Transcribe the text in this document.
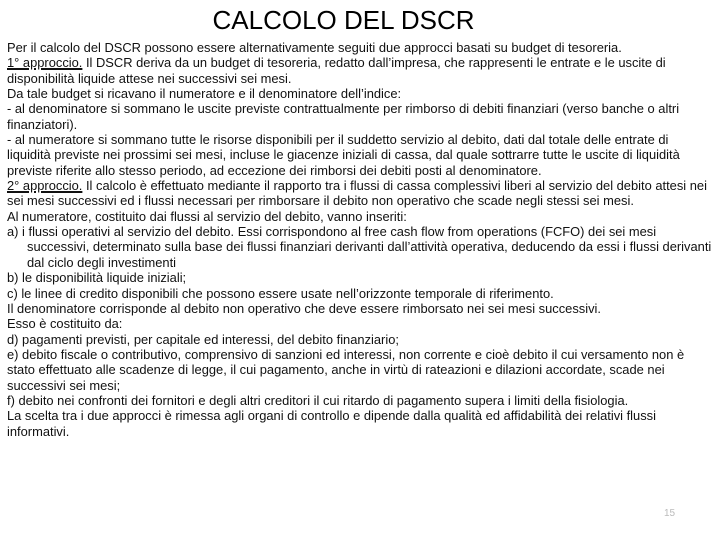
CALCOLO DEL DSCR

Per il calcolo del DSCR possono essere alternativamente seguiti due approcci basati su budget di tesoreria.

1° approccio. Il DSCR deriva da un budget di tesoreria, redatto dall’impresa, che rappresenti le entrate e le uscite di disponibilità liquide attese nei successivi sei mesi.

Da tale budget si ricavano il numeratore e il denominatore dell’indice:

- al denominatore si sommano le uscite previste contrattualmente per rimborso di debiti finanziari (verso banche o altri finanziatori).

- al numeratore si sommano tutte le risorse disponibili per il suddetto servizio al debito, dati dal totale delle entrate di liquidità previste nei prossimi sei mesi, incluse le giacenze iniziali di cassa, dal quale sottrarre tutte le uscite di liquidità previste riferite allo stesso periodo, ad eccezione dei rimborsi dei debiti posti al denominatore.

2° approccio. Il calcolo è effettuato mediante il rapporto tra i flussi di cassa complessivi liberi al servizio del debito attesi nei sei mesi successivi ed i flussi necessari per rimborsare il debito non operativo che scade negli stessi sei mesi.

Al numeratore, costituito dai flussi al servizio del debito, vanno inseriti:

a) i flussi operativi al servizio del debito. Essi corrispondono al free cash flow from operations (FCFO) dei sei mesi successivi, determinato sulla base dei flussi finanziari derivanti dall’attività operativa, deducendo da essi i flussi derivanti dal ciclo degli investimenti

b) le disponibilità liquide iniziali;

c) le linee di credito disponibili che possono essere usate nell’orizzonte temporale di riferimento.

Il denominatore corrisponde al debito non operativo che deve essere rimborsato nei sei mesi successivi.

Esso è costituito da:

d) pagamenti previsti, per capitale ed interessi, del debito finanziario;

e) debito fiscale o contributivo, comprensivo di sanzioni ed interessi, non corrente e cioè debito il cui versamento non è stato effettuato alle scadenze di legge, il cui pagamento, anche in virtù di rateazioni e dilazioni accordate, scade nei successivi sei mesi;

f) debito nei confronti dei fornitori e degli altri creditori il cui ritardo di pagamento supera i limiti della fisiologia.

La scelta tra i due approcci è rimessa agli organi di controllo e dipende dalla qualità ed affidabilità dei relativi flussi informativi.

15
